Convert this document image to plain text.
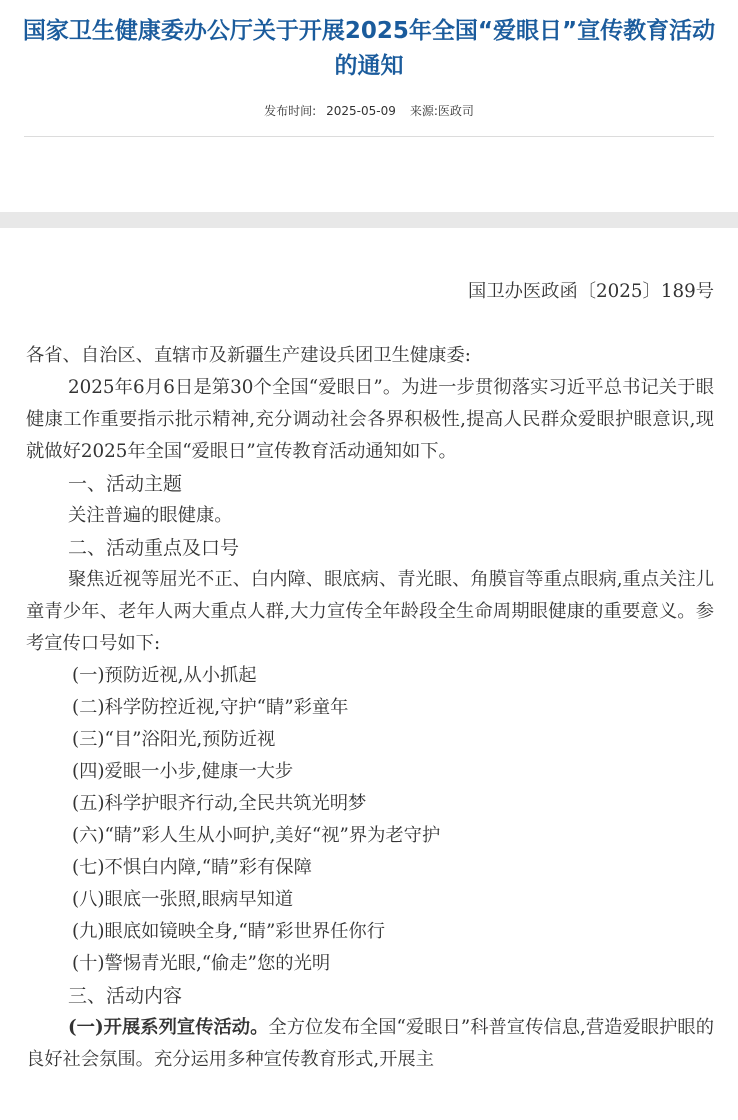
国家卫生健康委办公厅关于开展2025年全国“爱眼日”宣传教育活动的通知
发布时间: 2025-05-09 来源:医政司
国卫办医政函〔2025〕189号

各省、自治区、直辖市及新疆生产建设兵团卫生健康委:

2025年6月6日是第30个全国“爱眼日”。为进一步贯彻落实习近平总书记关于眼健康工作重要指示批示精神,充分调动社会各界积极性,提高人民群众爱眼护眼意识,现就做好2025年全国“爱眼日”宣传教育活动通知如下。

一、活动主题

关注普遍的眼健康。

二、活动重点及口号

聚焦近视等屈光不正、白内障、眼底病、青光眼、角膜盲等重点眼病,重点关注儿童青少年、老年人两大重点人群,大力宣传全年龄段全生命周期眼健康的重要意义。参考宣传口号如下:

(一)预防近视,从小抓起

(二)科学防控近视,守护“睛”彩童年

(三)“目”浴阳光,预防近视

(四)爱眼一小步,健康一大步

(五)科学护眼齐行动,全民共筑光明梦

(六)“睛”彩人生从小呵护,美好“视”界为老守护

(七)不惧白内障,“睛”彩有保障

(八)眼底一张照,眼病早知道

(九)眼底如镜映全身,“睛”彩世界任你行

(十)警惕青光眼,“偷走”您的光明

三、活动内容

(一)开展系列宣传活动。全方位发布全国“爱眼日”科普宣传信息,营造爱眼护眼的良好社会氛围。充分运用多种宣传教育形式,开展主
